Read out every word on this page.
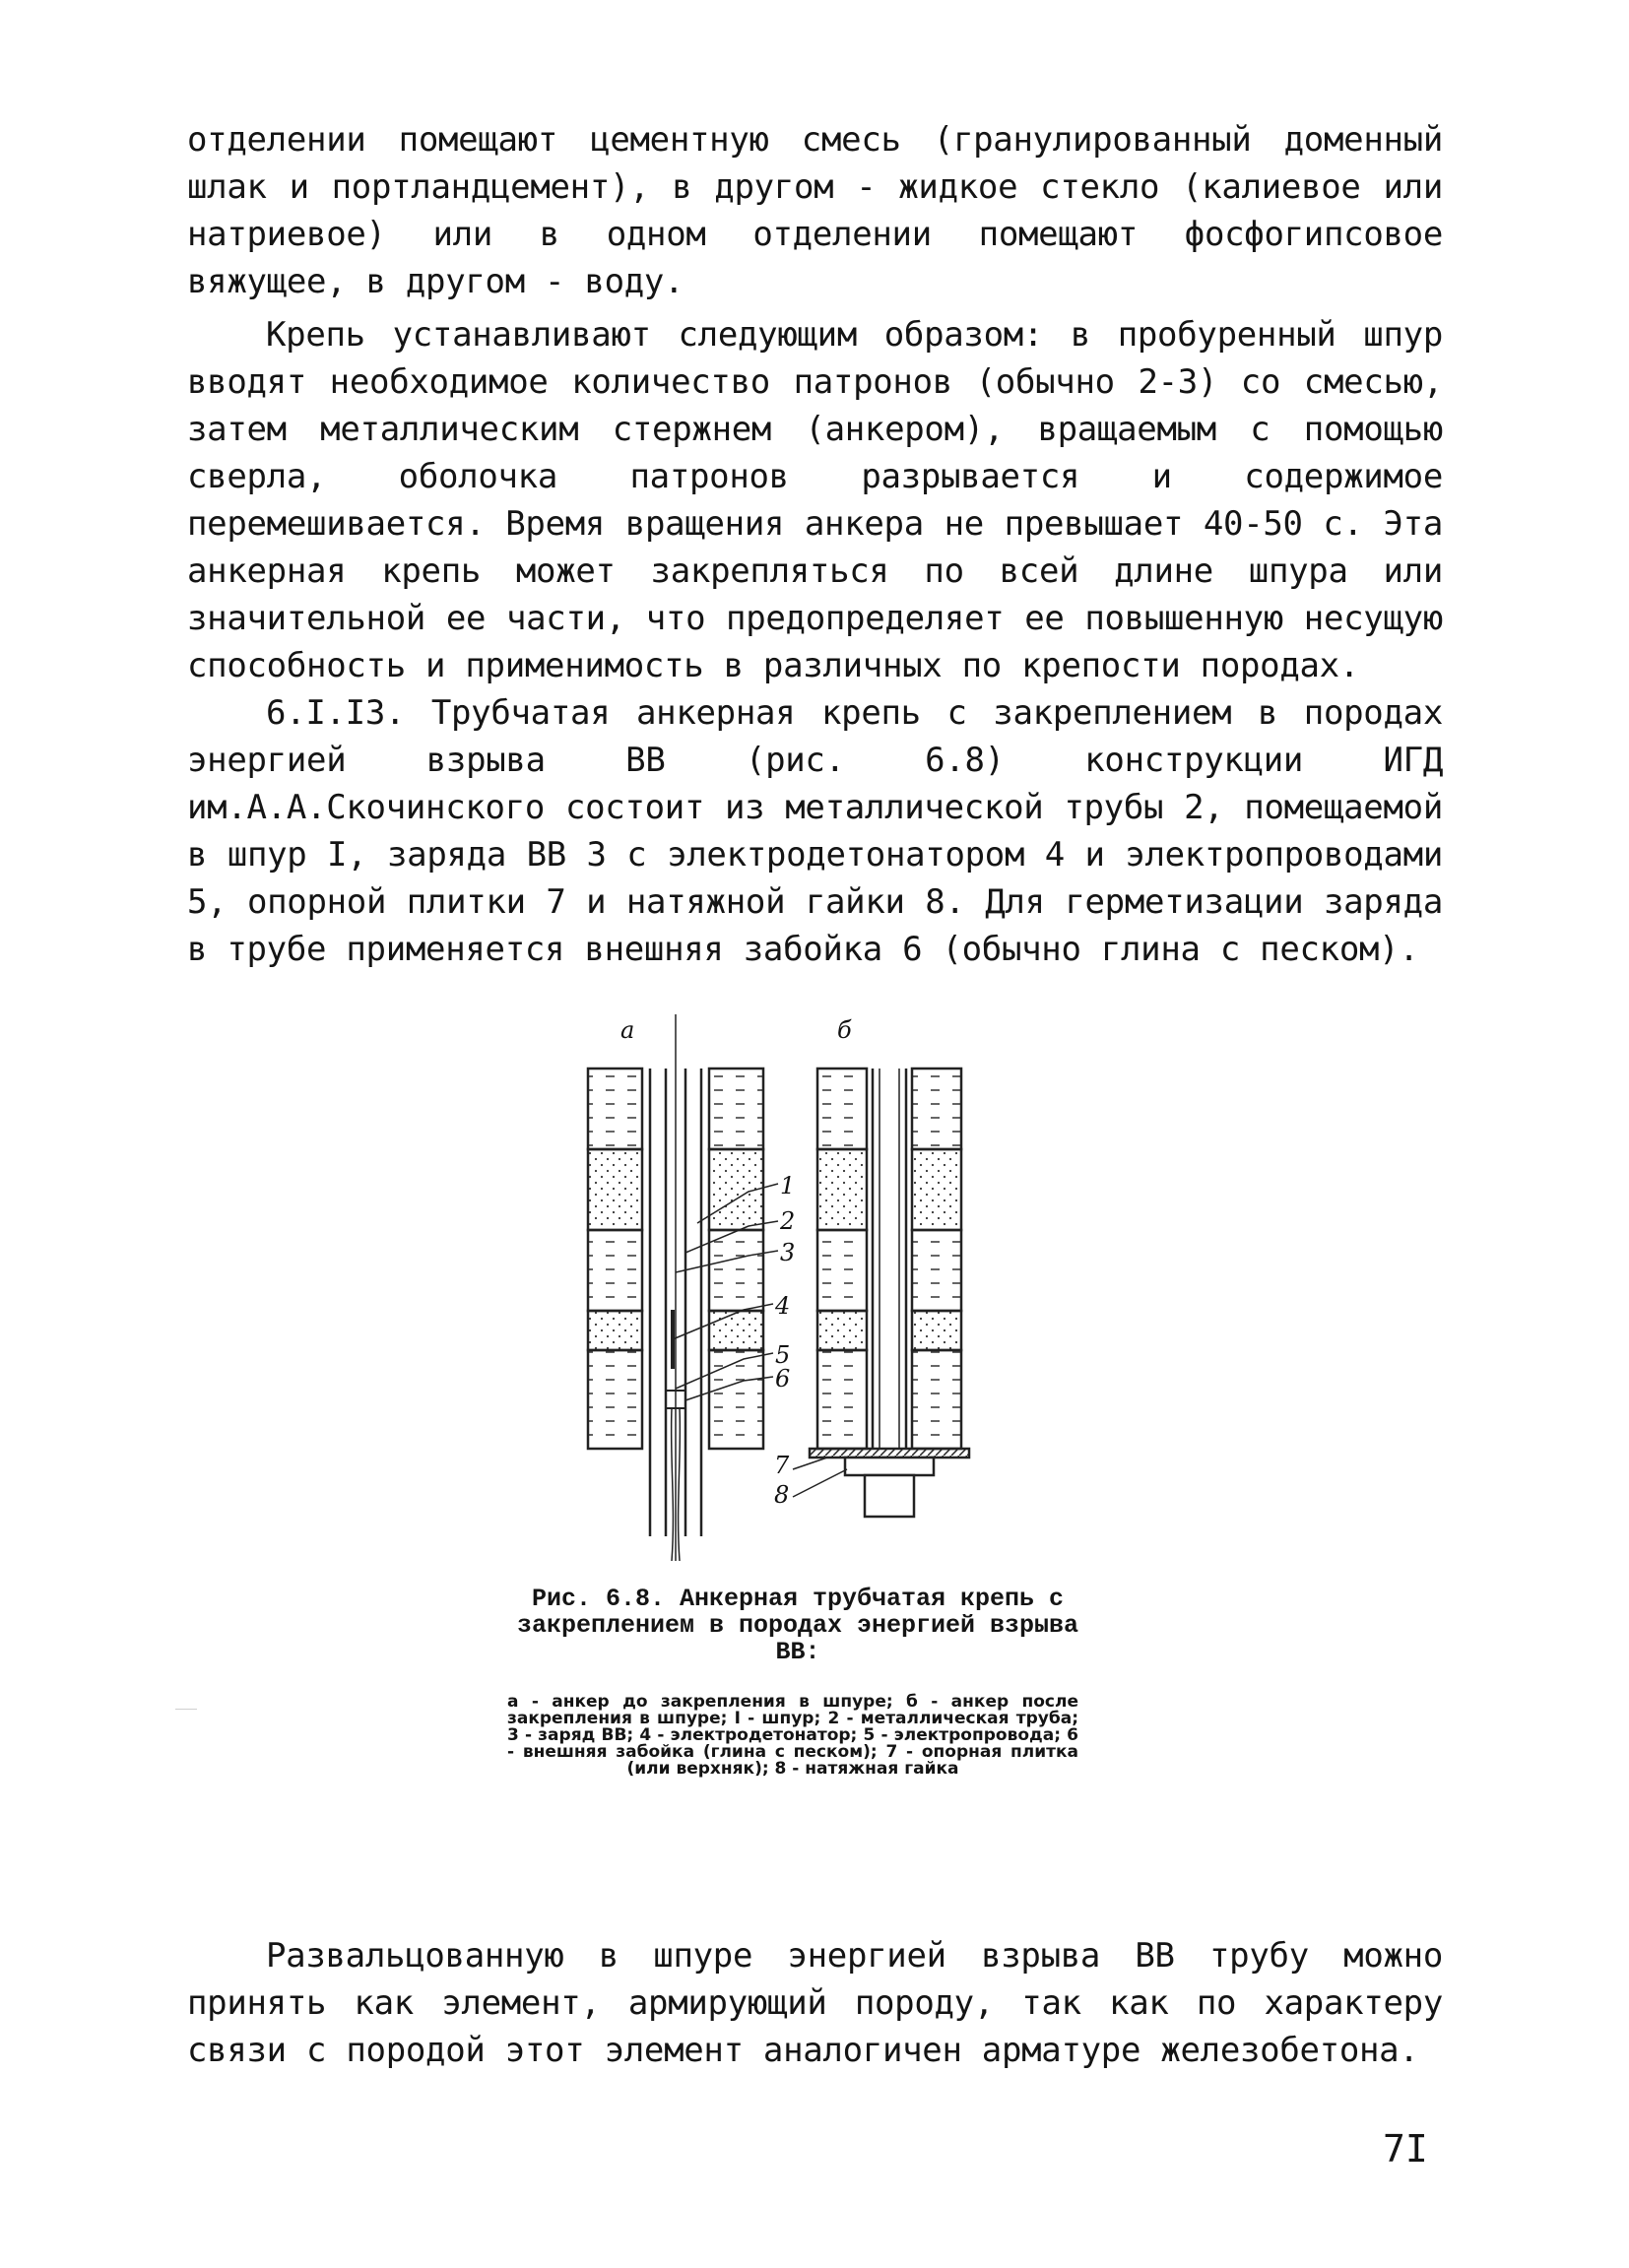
отделении помещают цементную смесь (гранулированный доменный шлак и портландцемент), в другом - жидкое стекло (калиевое или натриевое) или в одном отделении помещают фосфогипсовое вяжущее, в другом - воду.

Крепь устанавливают следующим образом: в пробуренный шпур вводят необходимое количество патронов (обычно 2-3) со смесью, затем металлическим стержнем (анкером), вращаемым с помощью сверла, оболочка патронов разрывается и содержимое перемешивается. Время вращения анкера не превышает 40-50 с. Эта анкерная крепь может закрепляться по всей длине шпура или значительной ее части, что предопределяет ее повышенную несущую способность и применимость в различных по крепости породах.

6.I.I3. Трубчатая анкерная крепь с закреплением в породах энергией взрыва ВВ (рис. 6.8) конструкции ИГД им.А.А.Скочинского состоит из металлической трубы 2, помещаемой в шпур I, заряда ВВ 3 с электродетонатором 4 и электропроводами 5, опорной плитки 7 и натяжной гайки 8. Для герметизации заряда в трубе применяется внешняя забойка 6 (обычно глина с песком).

а	б
1
2
3
4
5
6
7
8
Рис. 6.8. Анкерная трубчатая крепь с закреплением в породах энергией взрыва ВВ:
а - анкер до закрепления в шпуре; б - анкер после закрепления в шпуре; I - шпур; 2 - металлическая труба; 3 - заряд ВВ; 4 - электродетонатор; 5 - электропровода; 6 - внешняя забойка (глина с песком); 7 - опорная плитка (или верхняк); 8 - натяжная гайка

Развальцованную в шпуре энергией взрыва ВВ трубу можно принять как элемент, армирующий породу, так как по характеру связи с породой этот элемент аналогичен арматуре железобетона.

7I
